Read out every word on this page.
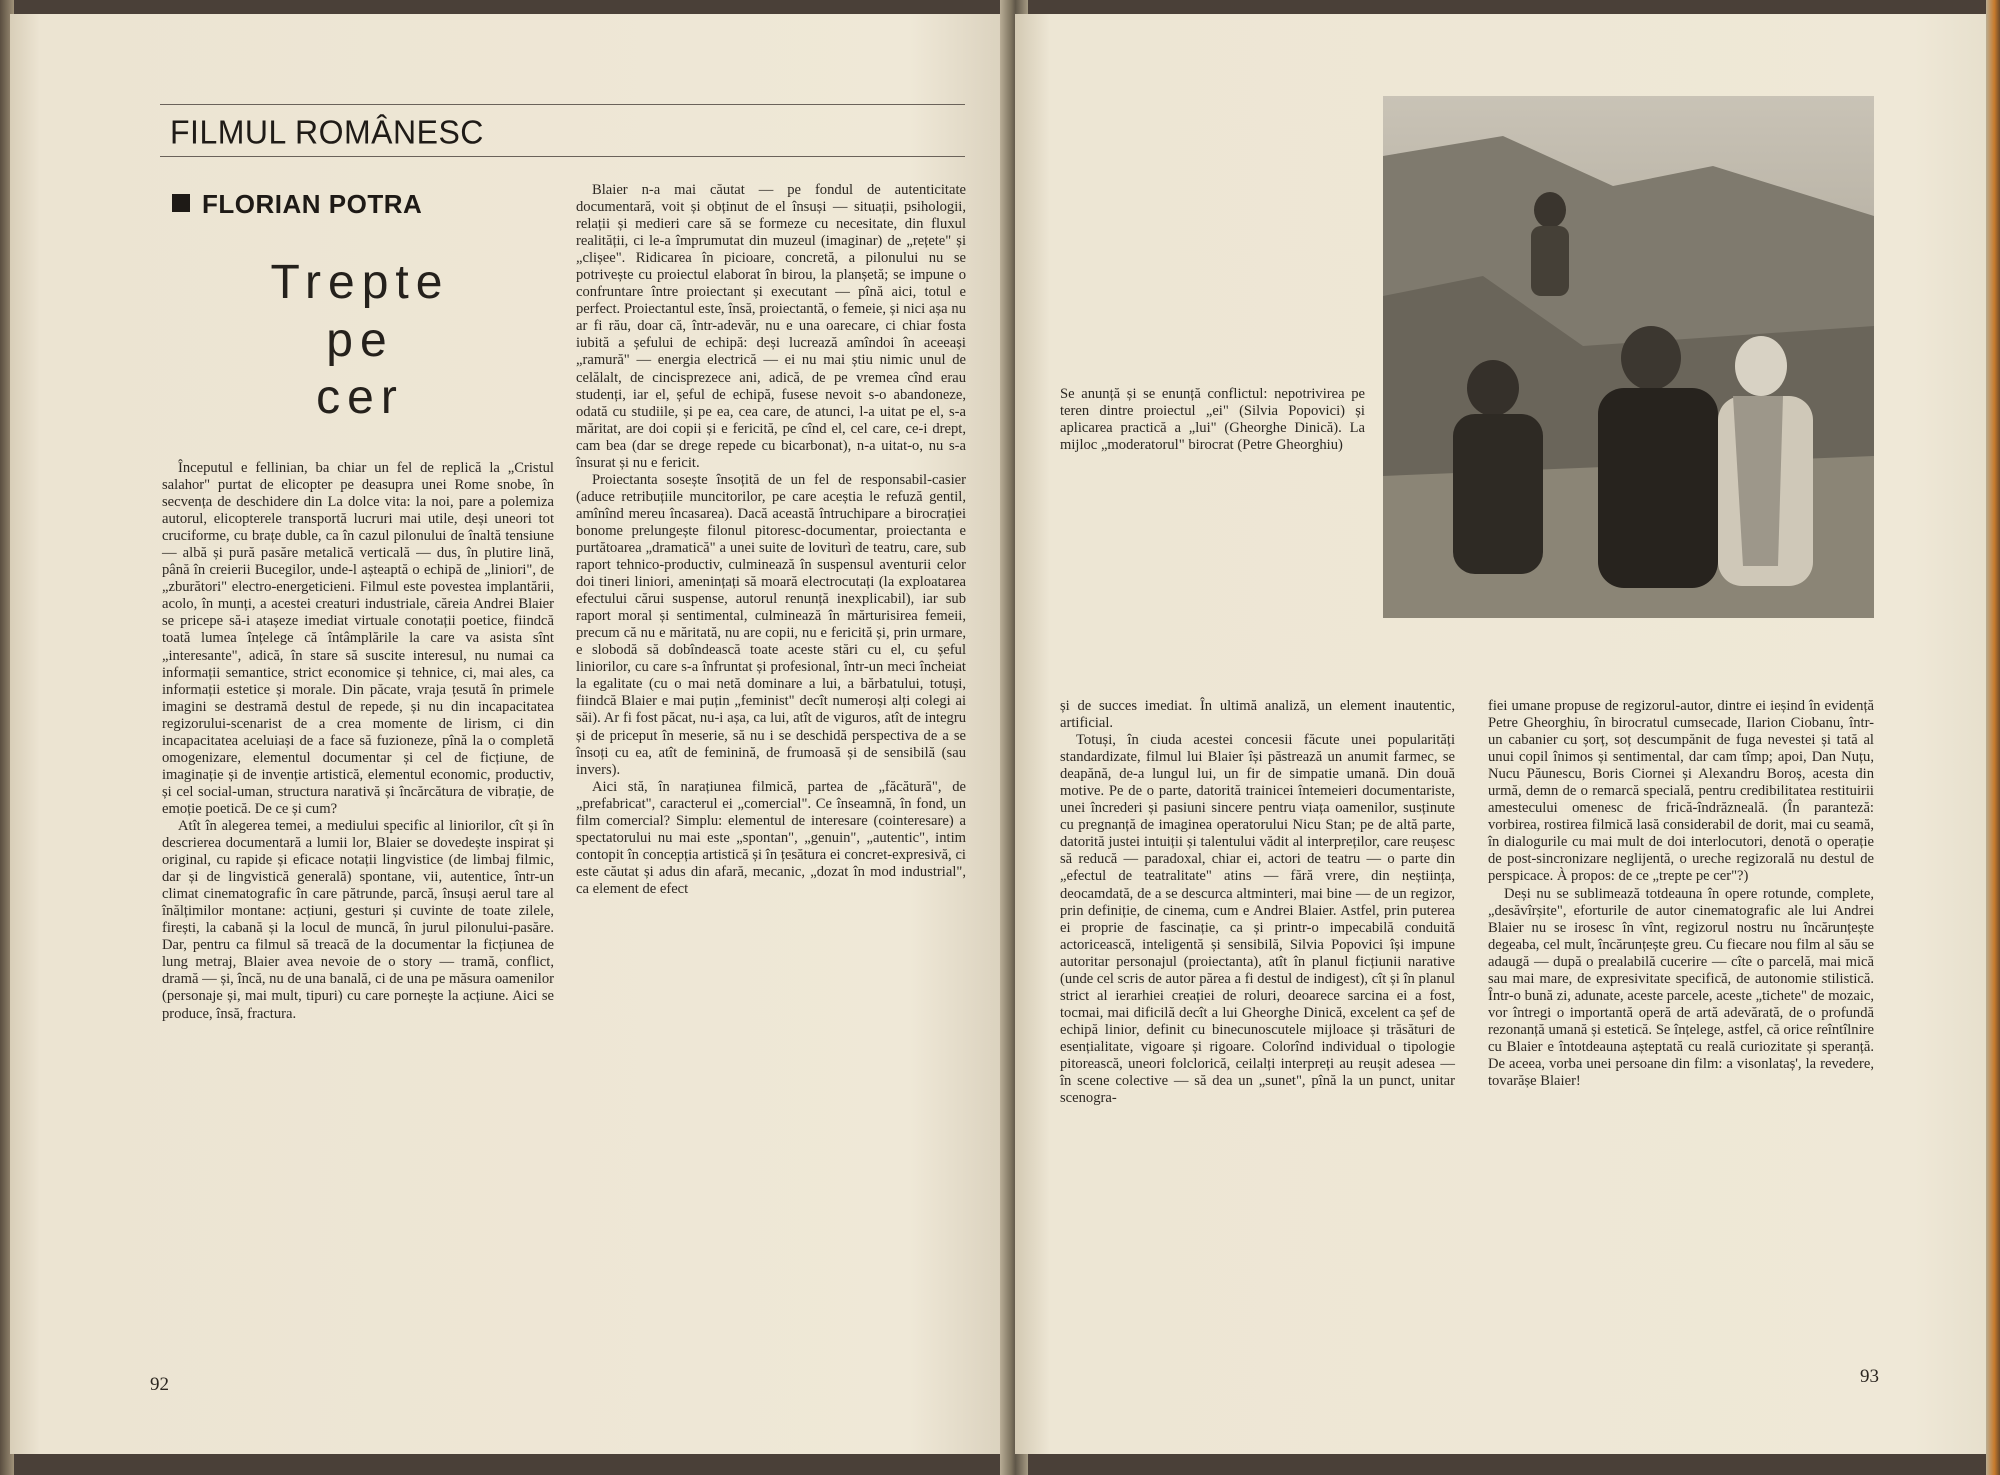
FILMUL ROMÂNESC
FLORIAN POTRA
Trepte
pe
cer

Începutul e fellinian, ba chiar un fel de replică la „Cristul salahor" purtat de elicopter pe deasupra unei Rome snobe, în secvența de deschidere din La dolce vita: la noi, pare a polemiza autorul, elicopterele transportă lucruri mai utile, deși uneori tot cruciforme, cu brațe duble, ca în cazul pilonului de înaltă tensiune — albă și pură pasăre metalică verticală — dus, în plutire lină, până în creierii Bucegilor, unde-l așteaptă o echipă de „liniori", de „zburători" electro-energeticieni. Filmul este povestea implantării, acolo, în munți, a acestei creaturi industriale, căreia Andrei Blaier se pricepe să-i atașeze imediat virtuale conotații poetice, fiindcă toată lumea înțelege că întâmplările la care va asista sînt „interesante", adică, în stare să suscite interesul, nu numai ca informații semantice, strict economice și tehnice, ci, mai ales, ca informații estetice și morale. Din păcate, vraja țesută în primele imagini se destramă destul de repede, și nu din incapacitatea regizorului-scenarist de a crea momente de lirism, ci din incapacitatea aceluiași de a face să fuzioneze, pînă la o completă omogenizare, elementul documentar și cel de ficțiune, de imaginație și de invenție artistică, elementul economic, productiv, și cel social-uman, structura narativă și încărcătura de vibrație, de emoție poetică. De ce și cum?

Atît în alegerea temei, a mediului specific al liniorilor, cît și în descrierea documentară a lumii lor, Blaier se dovedește inspirat și original, cu rapide și eficace notații lingvistice (de limbaj filmic, dar și de lingvistică generală) spontane, vii, autentice, într-un climat cinematografic în care pătrunde, parcă, însuși aerul tare al înălțimilor montane: acțiuni, gesturi și cuvinte de toate zilele, firești, la cabană și la locul de muncă, în jurul pilonului-pasăre. Dar, pentru ca filmul să treacă de la documentar la ficțiunea de lung metraj, Blaier avea nevoie de o story — tramă, conflict, dramă — și, încă, nu de una banală, ci de una pe măsura oamenilor (personaje și, mai mult, tipuri) cu care pornește la acțiune. Aici se produce, însă, fractura.

Blaier n-a mai căutat — pe fondul de autenticitate documentară, voit și obținut de el însuși — situații, psihologii, relații și medieri care să se formeze cu necesitate, din fluxul realității, ci le-a împrumutat din muzeul (imaginar) de „rețete" și „clișee". Ridicarea în picioare, concretă, a pilonului nu se potrivește cu proiectul elaborat în birou, la planșetă; se impune o confruntare între proiectant și executant — pînă aici, totul e perfect. Proiectantul este, însă, proiectantă, o femeie, și nici așa nu ar fi rău, doar că, într-adevăr, nu e una oarecare, ci chiar fosta iubită a șefului de echipă: deși lucrează amîndoi în aceeași „ramură" — energia electrică — ei nu mai știu nimic unul de celălalt, de cincisprezece ani, adică, de pe vremea cînd erau studenți, iar el, șeful de echipă, fusese nevoit s-o abandoneze, odată cu studiile, și pe ea, cea care, de atunci, l-a uitat pe el, s-a măritat, are doi copii și e fericită, pe cînd el, cel care, ce-i drept, cam bea (dar se drege repede cu bicarbonat), n-a uitat-o, nu s-a însurat și nu e fericit.

Proiectanta sosește însoțită de un fel de responsabil-casier (aduce retribuțiile muncitorilor, pe care aceștia le refuză gentil, amînînd mereu încasarea). Dacă această întruchipare a birocrației bonome prelungește filonul pitoresc-documentar, proiectanta e purtătoarea „dramatică" a unei suite de loviturì de teatru, care, sub raport tehnico-productiv, culminează în suspensul aventurii celor doi tineri liniori, amenințați să moară electrocutați (la exploatarea efectului cărui suspense, autorul renunță inexplicabil), iar sub raport moral și sentimental, culminează în mărturisirea femeii, precum că nu e măritată, nu are copii, nu e fericită și, prin urmare, e slobodă să dobîndească toate aceste stări cu el, cu șeful liniorilor, cu care s-a înfruntat și profesional, într-un meci încheiat la egalitate (cu o mai netă dominare a lui, a bărbatului, totuși, fiindcă Blaier e mai puțin „feminist" decît numeroși alți colegi ai săi). Ar fi fost păcat, nu-i așa, ca lui, atît de viguros, atît de integru și de priceput în meserie, să nu i se deschidă perspectiva de a se însoți cu ea, atît de feminină, de frumoasă și de sensibilă (sau invers).

Aici stă, în narațiunea filmică, partea de „făcătură", de „prefabricat", caracterul ei „comercial". Ce înseamnă, în fond, un film comercial? Simplu: elementul de interesare (cointeresare) a spectatorului nu mai este „spontan", „genuin", „autentic", intim contopit în concepția artistică și în țesătura ei concret-expresivă, ci este căutat și adus din afară, mecanic, „dozat în mod industrial", ca element de efect

92
Se anunță și se enunță conflictul: nepotrivirea pe teren dintre proiectul „ei" (Silvia Popovici) și aplicarea practică a „lui" (Gheorghe Dinică). La mijloc „moderatorul" birocrat (Petre Gheorghiu)

și de succes imediat. În ultimă analiză, un element inautentic, artificial.

Totuși, în ciuda acestei concesii făcute unei popularități standardizate, filmul lui Blaier își păstrează un anumit farmec, se deapănă, de-a lungul lui, un fir de simpatie umană. Din două motive. Pe de o parte, datorită trainicei întemeieri documentariste, unei încrederi și pasiuni sincere pentru viața oamenilor, susținute cu pregnanță de imaginea operatorului Nicu Stan; pe de altă parte, datorită justei intuiții și talentului vădit al interpreților, care reușesc să reducă — paradoxal, chiar ei, actori de teatru — o parte din „efectul de teatralitate" atins — fără vrere, din neștiința, deocamdată, de a se descurca altminteri, mai bine — de un regizor, prin definiție, de cinema, cum e Andrei Blaier. Astfel, prin puterea ei proprie de fascinație, ca și printr-o impecabilă conduită actoricească, inteligentă și sensibilă, Silvia Popovici își impune autoritar personajul (proiectanta), atît în planul ficțiunii narative (unde cel scris de autor părea a fi destul de indigest), cît și în planul strict al ierarhiei creației de roluri, deoarece sarcina ei a fost, tocmai, mai dificilă decît a lui Gheorghe Dinică, excelent ca șef de echipă linior, definit cu binecunoscutele mijloace și trăsături de esențialitate, vigoare și rigoare. Colorînd individual o tipologie pitorească, uneori folclorică, ceilalți interpreți au reușit adesea — în scene colective — să dea un „sunet", pînă la un punct, unitar scenogra-

fiei umane propuse de regizorul-autor, dintre ei ieșind în evidență Petre Gheorghiu, în birocratul cumsecade, Ilarion Ciobanu, într-un cabanier cu șorț, soț descumpănit de fuga nevestei și tată al unui copil înimos și sentimental, dar cam tîmp; apoi, Dan Nuțu, Nucu Păunescu, Boris Ciornei și Alexandru Boroș, acesta din urmă, demn de o remarcă specială, pentru credibilitatea restituirii amestecului omenesc de frică-îndrăzneală. (În paranteză: vorbirea, rostirea filmică lasă considerabil de dorit, mai cu seamă, în dialogurile cu mai mult de doi interlocutori, denotă o operație de post-sincronizare neglijentă, o ureche regizorală nu destul de perspicace. À propos: de ce „trepte pe cer"?)

Deși nu se sublimează totdeauna în opere rotunde, complete, „desăvîrșite", eforturile de autor cinematografic ale lui Andrei Blaier nu se irosesc în vînt, regizorul nostru nu încărunțește degeaba, cel mult, încărunțește greu. Cu fiecare nou film al său se adaugă — după o prealabilă cucerire — cîte o parcelă, mai mică sau mai mare, de expresivitate specifică, de autonomie stilistică. Într-o bună zi, adunate, aceste parcele, aceste „tichete" de mozaic, vor întregi o importantă operă de artă adevărată, de o profundă rezonanță umană și estetică. Se înțelege, astfel, că orice reîntîlnire cu Blaier e întotdeauna așteptată cu reală curiozitate și speranță. De aceea, vorba unei persoane din film: a visonlataș', la revedere, tovarășe Blaier!

93
